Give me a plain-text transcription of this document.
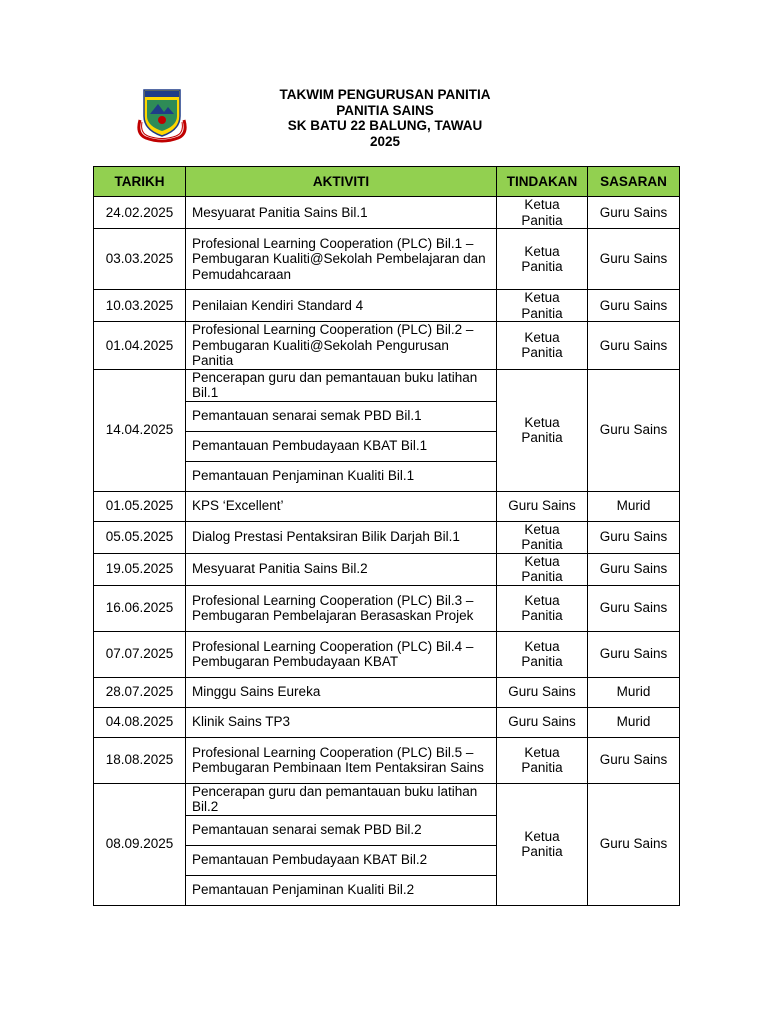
TAKWIM PENGURUSAN PANITIA
PANITIA SAINS
SK BATU 22 BALUNG, TAWAU
2025
TARIKH	AKTIVITI	TINDAKAN	SASARAN
24.02.2025	Mesyuarat Panitia Sains Bil.1	Ketua Panitia	Guru Sains
03.03.2025	Profesional Learning Cooperation (PLC) Bil.1 – Pembugaran Kualiti@Sekolah Pembelajaran dan Pemudahcaraan	Ketua Panitia	Guru Sains
10.03.2025	Penilaian Kendiri Standard 4	Ketua Panitia	Guru Sains
01.04.2025	Profesional Learning Cooperation (PLC) Bil.2 – Pembugaran Kualiti@Sekolah Pengurusan Panitia	Ketua Panitia	Guru Sains
14.04.2025	Pencerapan guru dan pemantauan buku latihan Bil.1	Ketua Panitia	Guru Sains
	Pemantauan senarai semak PBD Bil.1		
	Pemantauan Pembudayaan KBAT Bil.1		
	Pemantauan Penjaminan Kualiti Bil.1		
01.05.2025	KPS ‘Excellent’	Guru Sains	Murid
05.05.2025	Dialog Prestasi Pentaksiran Bilik Darjah Bil.1	Ketua Panitia	Guru Sains
19.05.2025	Mesyuarat Panitia Sains Bil.2	Ketua Panitia	Guru Sains
16.06.2025	Profesional Learning Cooperation (PLC) Bil.3 – Pembugaran Pembelajaran Berasaskan Projek	Ketua Panitia	Guru Sains
07.07.2025	Profesional Learning Cooperation (PLC) Bil.4 – Pembugaran Pembudayaan KBAT	Ketua Panitia	Guru Sains
28.07.2025	Minggu Sains Eureka	Guru Sains	Murid
04.08.2025	Klinik Sains TP3	Guru Sains	Murid
18.08.2025	Profesional Learning Cooperation (PLC) Bil.5 – Pembugaran Pembinaan Item Pentaksiran Sains	Ketua Panitia	Guru Sains
08.09.2025	Pencerapan guru dan pemantauan buku latihan Bil.2	Ketua Panitia	Guru Sains
	Pemantauan senarai semak PBD Bil.2		
	Pemantauan Pembudayaan KBAT Bil.2		
	Pemantauan Penjaminan Kualiti Bil.2		
